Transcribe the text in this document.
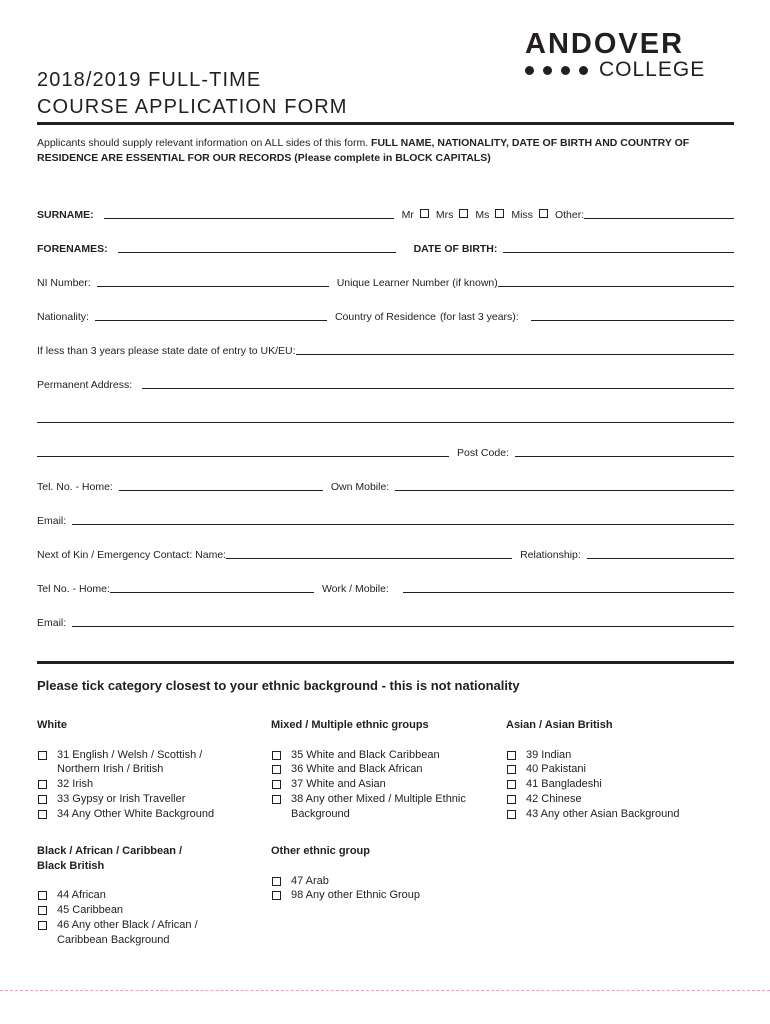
2018/2019 FULL-TIME
COURSE APPLICATION FORM
ANDOVER
COLLEGE
Applicants should supply relevant information on ALL sides of this form. FULL NAME, NATIONALITY, DATE OF BIRTH AND COUNTRY OF RESIDENCE ARE ESSENTIAL FOR OUR RECORDS (Please complete in BLOCK CAPITALS)
SURNAME:	Mr	Mrs	Ms	Miss	Other:
FORENAMES:	DATE OF BIRTH:
NI Number:	Unique Learner Number (if known)
Nationality:	Country of Residence (for last 3 years):
If less than 3 years please state date of entry to UK/EU:
Permanent Address:
Post Code:
Tel. No. - Home:	Own Mobile:
Email:
Next of Kin / Emergency Contact: Name:	Relationship:
Tel No. - Home:	Work / Mobile:
Email:
Please tick category closest to your ethnic background - this is not nationality
White
31 English / Welsh / Scottish / Northern Irish / British
32 Irish
33 Gypsy or Irish Traveller
34 Any Other White Background
Mixed / Multiple ethnic groups
35 White and Black Caribbean
36 White and Black African
37 White and Asian
38 Any other Mixed / Multiple Ethnic Background
Asian / Asian British
39 Indian
40 Pakistani
41 Bangladeshi
42 Chinese
43 Any other Asian Background
Black / African / Caribbean /
Black British
44 African
45 Caribbean
46 Any other Black / African / Caribbean Background
Other ethnic group
47 Arab
98 Any other Ethnic Group
